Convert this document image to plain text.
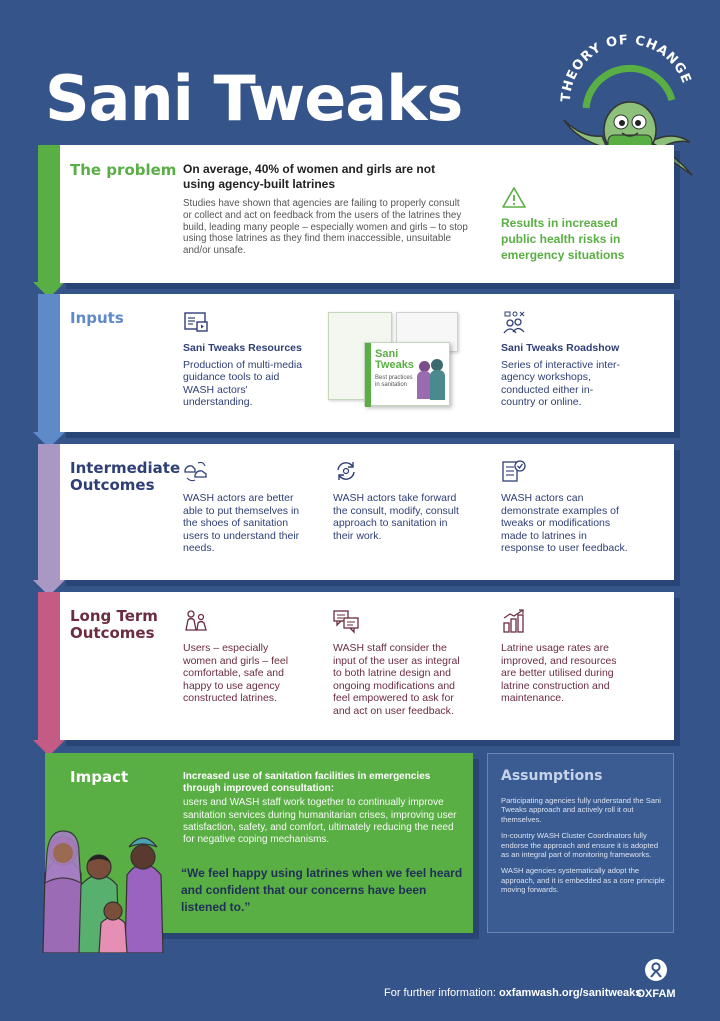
Sani Tweaks	THEORY OF CHANGE
The problem On average, 40% of women and girls are not using agency-built latrines
Studies have shown that agencies are failing to properly consult or collect and act on feedback from the users of the latrines they build, leading many people – especially women and girls – to stop using those latrines as they find them inaccessible, unsuitable and/or unsafe.
Results in increased public health risks in emergency situations
Inputs
Sani Tweaks Resources
Production of multi-media guidance tools to aid WASH actors' understanding.
Sani Tweaks
Best practices in sanitation
Sani Tweaks Roadshow
Series of interactive inter-agency workshops, conducted either in-country or online.
Intermediate Outcomes
WASH actors are better able to put themselves in the shoes of sanitation users to understand their needs.
WASH actors take forward the consult, modify, consult approach to sanitation in their work.
WASH actors can demonstrate examples of tweaks or modifications made to latrines in response to user feedback.
Long Term Outcomes
Users – especially women and girls – feel comfortable, safe and happy to use agency constructed latrines.
WASH staff consider the input of the user as integral to both latrine design and ongoing modifications and feel empowered to ask for and act on user feedback.
Latrine usage rates are improved, and resources are better utilised during latrine construction and maintenance.
Impact	Increased use of sanitation facilities in emergencies through improved consultation:
users and WASH staff work together to continually improve sanitation services during humanitarian crises, improving user satisfaction, safety, and comfort, ultimately reducing the need for negative coping mechanisms.
“We feel happy using latrines when we feel heard and confident that our concerns have been listened to.”
Assumptions
Participating agencies fully understand the Sani Tweaks approach and actively roll it out themselves.
In-country WASH Cluster Coordinators fully endorse the approach and ensure it is adopted as an integral part of monitoring frameworks.
WASH agencies systematically adopt the approach, and it is embedded as a core principle moving forwards.
For further information: oxfamwash.org/sanitweaks
OXFAM
